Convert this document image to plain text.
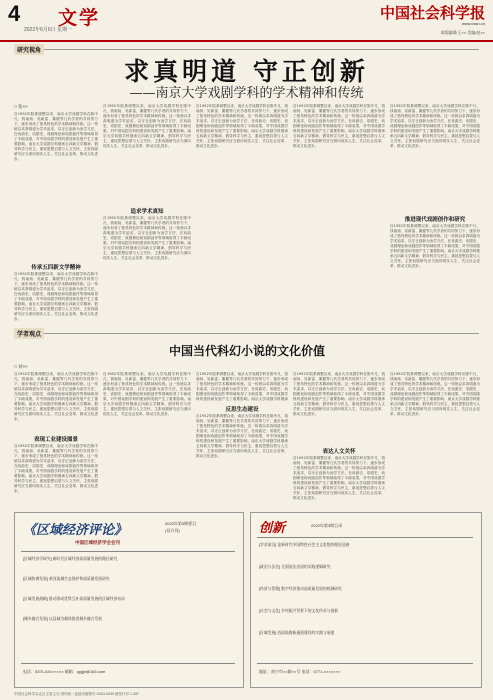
4 文学
2022年6月6日 星期一
中国社会科学报
www.cssn.cn
本版编辑/王×× 美编/赵××
研究视角
求真明道 守正创新
——南京大学戏剧学科的学术精神和传统
□ 张××
自1952年院系调整以来，南京大学戏剧学科在陈中凡、钱南扬、吴新雷、董健等几代学者的共同努力下，逐步形成了独具特色的学术精神和传统。这一传统以求真明道为学术追求，以守正创新为治学方法，在戏曲史、话剧史、戏剧理论和戏剧创作等领域取得了丰硕成果，对中国戏剧学科的建设和发展产生了重要影响。南京大学戏剧学科继承五四新文学精神，倡导科学与民主，重视思想启蒙与人文关怀，主张戏剧研究应当面向现实人生，关注社会变革，推动文化进步。
传承五四新文学精神
自1952年院系调整以来，南京大学戏剧学科在陈中凡、钱南扬、吴新雷、董健等几代学者的共同努力下，逐步形成了独具特色的学术精神和传统。这一传统以求真明道为学术追求，以守正创新为治学方法，在戏曲史、话剧史、戏剧理论和戏剧创作等领域取得了丰硕成果，对中国戏剧学科的建设和发展产生了重要影响。南京大学戏剧学科继承五四新文学精神，倡导科学与民主，重视思想启蒙与人文关怀，主张戏剧研究应当面向现实人生，关注社会变革，推动文化进步。
自1952年院系调整以来，南京大学戏剧学科在陈中凡、钱南扬、吴新雷、董健等几代学者的共同努力下，逐步形成了独具特色的学术精神和传统。这一传统以求真明道为学术追求，以守正创新为治学方法，在戏曲史、话剧史、戏剧理论和戏剧创作等领域取得了丰硕成果，对中国戏剧学科的建设和发展产生了重要影响。南京大学戏剧学科继承五四新文学精神，倡导科学与民主，重视思想启蒙与人文关怀，主张戏剧研究应当面向现实人生，关注社会变革，推动文化进步。
追求学术真知
自1952年院系调整以来，南京大学戏剧学科在陈中凡、钱南扬、吴新雷、董健等几代学者的共同努力下，逐步形成了独具特色的学术精神和传统。这一传统以求真明道为学术追求，以守正创新为治学方法，在戏曲史、话剧史、戏剧理论和戏剧创作等领域取得了丰硕成果，对中国戏剧学科的建设和发展产生了重要影响。南京大学戏剧学科继承五四新文学精神，倡导科学与民主，重视思想启蒙与人文关怀，主张戏剧研究应当面向现实人生，关注社会变革，推动文化进步。
自1952年院系调整以来，南京大学戏剧学科在陈中凡、钱南扬、吴新雷、董健等几代学者的共同努力下，逐步形成了独具特色的学术精神和传统。这一传统以求真明道为学术追求，以守正创新为治学方法，在戏曲史、话剧史、戏剧理论和戏剧创作等领域取得了丰硕成果，对中国戏剧学科的建设和发展产生了重要影响。南京大学戏剧学科继承五四新文学精神，倡导科学与民主，重视思想启蒙与人文关怀，主张戏剧研究应当面向现实人生，关注社会变革，推动文化进步。
自1952年院系调整以来，南京大学戏剧学科在陈中凡、钱南扬、吴新雷、董健等几代学者的共同努力下，逐步形成了独具特色的学术精神和传统。这一传统以求真明道为学术追求，以守正创新为治学方法，在戏曲史、话剧史、戏剧理论和戏剧创作等领域取得了丰硕成果，对中国戏剧学科的建设和发展产生了重要影响。南京大学戏剧学科继承五四新文学精神，倡导科学与民主，重视思想启蒙与人文关怀，主张戏剧研究应当面向现实人生，关注社会变革，推动文化进步。
自1952年院系调整以来，南京大学戏剧学科在陈中凡、钱南扬、吴新雷、董健等几代学者的共同努力下，逐步形成了独具特色的学术精神和传统。这一传统以求真明道为学术追求，以守正创新为治学方法，在戏曲史、话剧史、戏剧理论和戏剧创作等领域取得了丰硕成果，对中国戏剧学科的建设和发展产生了重要影响。南京大学戏剧学科继承五四新文学精神，倡导科学与民主，重视思想启蒙与人文关怀，主张戏剧研究应当面向现实人生，关注社会变革，推动文化进步。
推进现代戏剧创作和研究
自1952年院系调整以来，南京大学戏剧学科在陈中凡、钱南扬、吴新雷、董健等几代学者的共同努力下，逐步形成了独具特色的学术精神和传统。这一传统以求真明道为学术追求，以守正创新为治学方法，在戏曲史、话剧史、戏剧理论和戏剧创作等领域取得了丰硕成果，对中国戏剧学科的建设和发展产生了重要影响。南京大学戏剧学科继承五四新文学精神，倡导科学与民主，重视思想启蒙与人文关怀，主张戏剧研究应当面向现实人生，关注社会变革，推动文化进步。
学者观点
中国当代科幻小说的文化价值
□ 刘××
自1952年院系调整以来，南京大学戏剧学科在陈中凡、钱南扬、吴新雷、董健等几代学者的共同努力下，逐步形成了独具特色的学术精神和传统。这一传统以求真明道为学术追求，以守正创新为治学方法，在戏曲史、话剧史、戏剧理论和戏剧创作等领域取得了丰硕成果，对中国戏剧学科的建设和发展产生了重要影响。南京大学戏剧学科继承五四新文学精神，倡导科学与民主，重视思想启蒙与人文关怀，主张戏剧研究应当面向现实人生，关注社会变革，推动文化进步。
表现工业建设图景
自1952年院系调整以来，南京大学戏剧学科在陈中凡、钱南扬、吴新雷、董健等几代学者的共同努力下，逐步形成了独具特色的学术精神和传统。这一传统以求真明道为学术追求，以守正创新为治学方法，在戏曲史、话剧史、戏剧理论和戏剧创作等领域取得了丰硕成果，对中国戏剧学科的建设和发展产生了重要影响。南京大学戏剧学科继承五四新文学精神，倡导科学与民主，重视思想启蒙与人文关怀，主张戏剧研究应当面向现实人生，关注社会变革，推动文化进步。
自1952年院系调整以来，南京大学戏剧学科在陈中凡、钱南扬、吴新雷、董健等几代学者的共同努力下，逐步形成了独具特色的学术精神和传统。这一传统以求真明道为学术追求，以守正创新为治学方法，在戏曲史、话剧史、戏剧理论和戏剧创作等领域取得了丰硕成果，对中国戏剧学科的建设和发展产生了重要影响。南京大学戏剧学科继承五四新文学精神，倡导科学与民主，重视思想启蒙与人文关怀，主张戏剧研究应当面向现实人生，关注社会变革，推动文化进步。
自1952年院系调整以来，南京大学戏剧学科在陈中凡、钱南扬、吴新雷、董健等几代学者的共同努力下，逐步形成了独具特色的学术精神和传统。这一传统以求真明道为学术追求，以守正创新为治学方法，在戏曲史、话剧史、戏剧理论和戏剧创作等领域取得了丰硕成果，对中国戏剧学科的建设和发展产生了重要影响。南京大学戏剧学科继承
反思生态建设
自1952年院系调整以来，南京大学戏剧学科在陈中凡、钱南扬、吴新雷、董健等几代学者的共同努力下，逐步形成了独具特色的学术精神和传统。这一传统以求真明道为学术追求，以守正创新为治学方法，在戏曲史、话剧史、戏剧理论和戏剧创作等领域取得了丰硕成果，对中国戏剧学科的建设和发展产生了重要影响。南京大学戏剧学科继承五四新文学精神，倡导科学与民主，重视思想启蒙与人文关怀，主张戏剧研究应当面向现实人生，关注社会变革，推动文化进步。
自1952年院系调整以来，南京大学戏剧学科在陈中凡、钱南扬、吴新雷、董健等几代学者的共同努力下，逐步形成了独具特色的学术精神和传统。这一传统以求真明道为学术追求，以守正创新为治学方法，在戏曲史、话剧史、戏剧理论和戏剧创作等领域取得了丰硕成果，对中国戏剧学科的建设和发展产生了重要影响。南京大学戏剧学科继承五四新文学精神，倡导科学与民主，重视思想启蒙与人文关怀，主张戏剧研究应当面向现实人生，关注社会变革，推动文化进步。
表达人文关怀
自1952年院系调整以来，南京大学戏剧学科在陈中凡、钱南扬、吴新雷、董健等几代学者的共同努力下，逐步形成了独具特色的学术精神和传统。这一传统以求真明道为学术追求，以守正创新为治学方法，在戏曲史、话剧史、戏剧理论和戏剧创作等领域取得了丰硕成果，对中国戏剧学科的建设和发展产生了重要影响。南京大学戏剧学科继承五四新文学精神，倡导科学与民主，重视思想启蒙与人文关怀，主张戏剧研究应当面向现实人生，关注社会变革，推动文化进步。
自1952年院系调整以来，南京大学戏剧学科在陈中凡、钱南扬、吴新雷、董健等几代学者的共同努力下，逐步形成了独具特色的学术精神和传统。这一传统以求真明道为学术追求，以守正创新为治学方法，在戏曲史、话剧史、戏剧理论和戏剧创作等领域取得了丰硕成果，对中国戏剧学科的建设和发展产生了重要影响。南京大学戏剧学科继承五四新文学精神，倡导科学与民主，重视思想启蒙与人文关怀，主张戏剧研究应当面向现实人生，关注社会变革，推动文化进步。
《区域经济评论》	2022年第3期要目
(双月刊)
中国区域经济学会会刊
[区域经济学研究] 新时代区域经济高质量发展的路径研究
[区域协调发展] 黄河流域生态保护和高质量发展研究
[区域发展战略] 推动形成优势互补高质量发展的区域经济布局
[城乡融合发展] 以县域为载体推进城乡融合发展
电话：0371-63×××××× 邮箱：qyjjpl@163.com
创新	2022年第3期目录
[学术前沿] 论新时代中国特色社会主义思想的理论品格
[政治与法治] 全面依法治国的实践逻辑研究
[经济与管理] 数字经济推动高质量发展的机制研究
[社会与文化] 乡村振兴背景下的文化传承与创新
[区域发展] 西部陆海新通道建设的实践与展望
地址：南宁市××路××号 电话：0771-×××××××
中国社会科学杂志社主管主办 国内统一连续出版物号 CN11-0299 邮发代号 1-287
